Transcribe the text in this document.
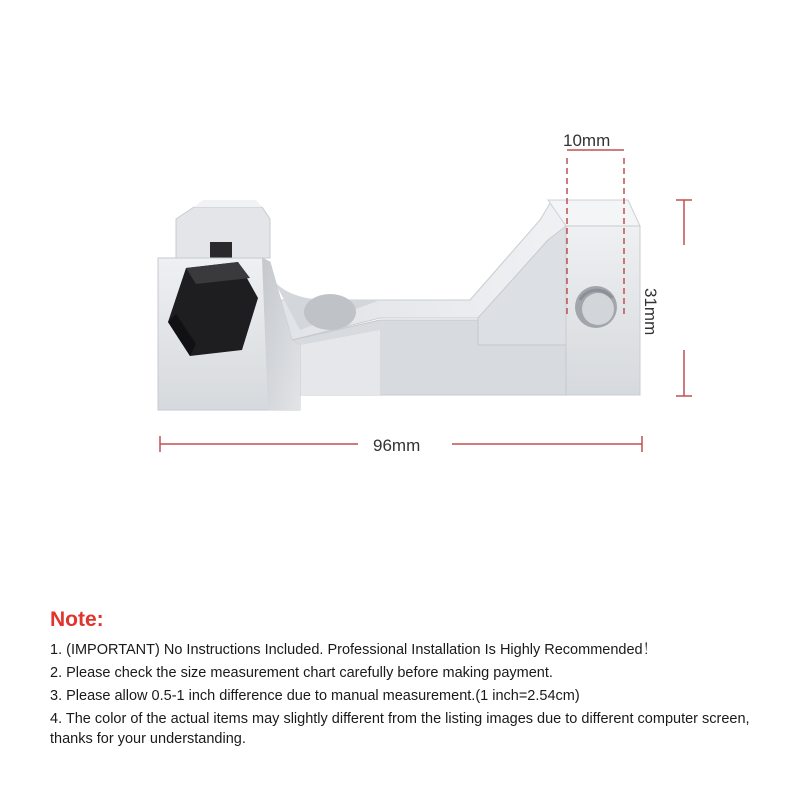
10mm
96mm
31mm
Note:
1. (IMPORTANT) No Instructions Included. Professional Installation Is Highly Recommended！
2. Please check the size measurement chart carefully before making payment.
3. Please allow 0.5-1 inch difference due to manual measurement.(1 inch=2.54cm)
4. The color of the actual items may slightly different from the listing images due to different computer screen, thanks for your understanding.
